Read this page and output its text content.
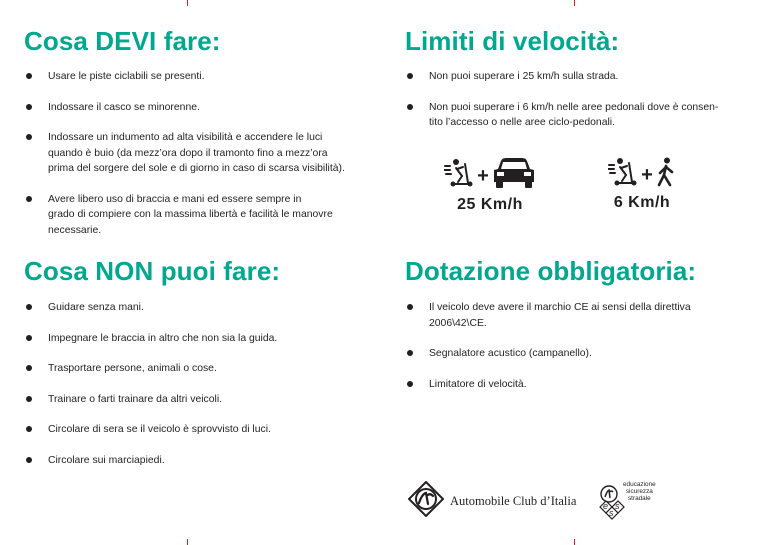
Cosa DEVI fare:
Usare le piste ciclabili se presenti.
Indossare il casco se minorenne.
Indossare un indumento ad alta visibilità e accendere le luci
quando è buio (da mezz’ora dopo il tramonto fino a mezz’ora
prima del sorgere del sole e di giorno in caso di scarsa visibilità).
Avere libero uso di braccia e mani ed essere sempre in
grado di compiere con la massima libertà e facilità le manovre
necessarie.
Cosa NON puoi fare:
Guidare senza mani.
Impegnare le braccia in altro che non sia la guida.
Trasportare persone, animali o cose.
Trainare o farti trainare da altri veicoli.
Circolare di sera se il veicolo è sprovvisto di luci.
Circolare sui marciapiedi.
Limiti di velocità:
Non puoi superare i 25 km/h sulla strada.
Non puoi superare i 6 km/h nelle aree pedonali dove è consen-
tito l’accesso o nelle aree ciclo-pedonali.
+
25 Km/h
+
6 Km/h
Dotazione obbligatoria:
Il veicolo deve avere il marchio CE ai sensi della direttiva
2006\42\CE.
Segnalatore acustico (campanello).
Limitatore di velocità.
Automobile Club d’Italia	e s
s
educazione
sicurezza
stradale
